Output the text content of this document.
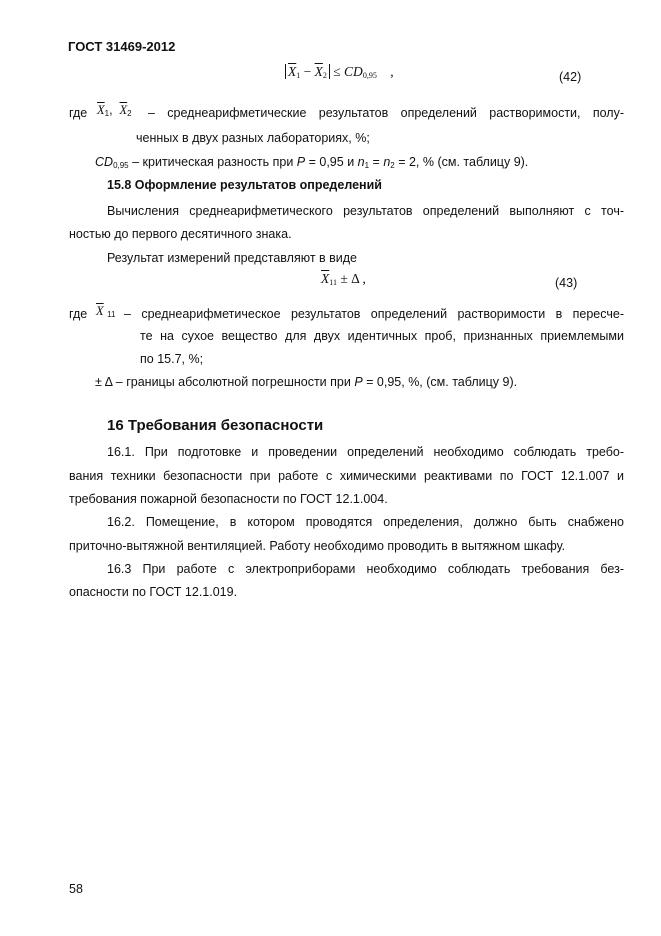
ГОСТ 31469-2012
$\overline{X}_1 - \overline{X}_2 \le CD_{0,95}$ ,	(42)
где $\overline{X}_1$, $\overline{X}_2$ – среднеарифметические результатов определений растворимости, полу-
ченных в двух разных лабораториях, %;
$CD_{0,95}$ – критическая разность при P = 0,95 и $n_1 = n_2 = 2$, % (см. таблицу 9).
15.8 Оформление результатов определений
Вычисления среднеарифметического результатов определений выполняют с точ-
ностью до первого десятичного знака.
Результат измерений представляют в виде
$\overline{X}_{11} \pm \Delta$ ,	(43)
где $\overline{X}$ $_{11}$ – среднеарифметическое результатов определений растворимости в пересче-
те на сухое вещество для двух идентичных проб, признанных приемлемыми
по 15.7, %;
± Δ – границы абсолютной погрешности при P = 0,95, %, (см. таблицу 9).
16 Требования безопасности
16.1. При подготовке и проведении определений необходимо соблюдать требо-
вания техники безопасности при работе с химическими реактивами по ГОСТ 12.1.007 и
требования пожарной безопасности по ГОСТ 12.1.004.
16.2. Помещение, в котором проводятся определения, должно быть снабжено
приточно-вытяжной вентиляцией. Работу необходимо проводить в вытяжном шкафу.
16.3 При работе с электроприборами необходимо соблюдать требования без-
опасности по ГОСТ 12.1.019.
58
